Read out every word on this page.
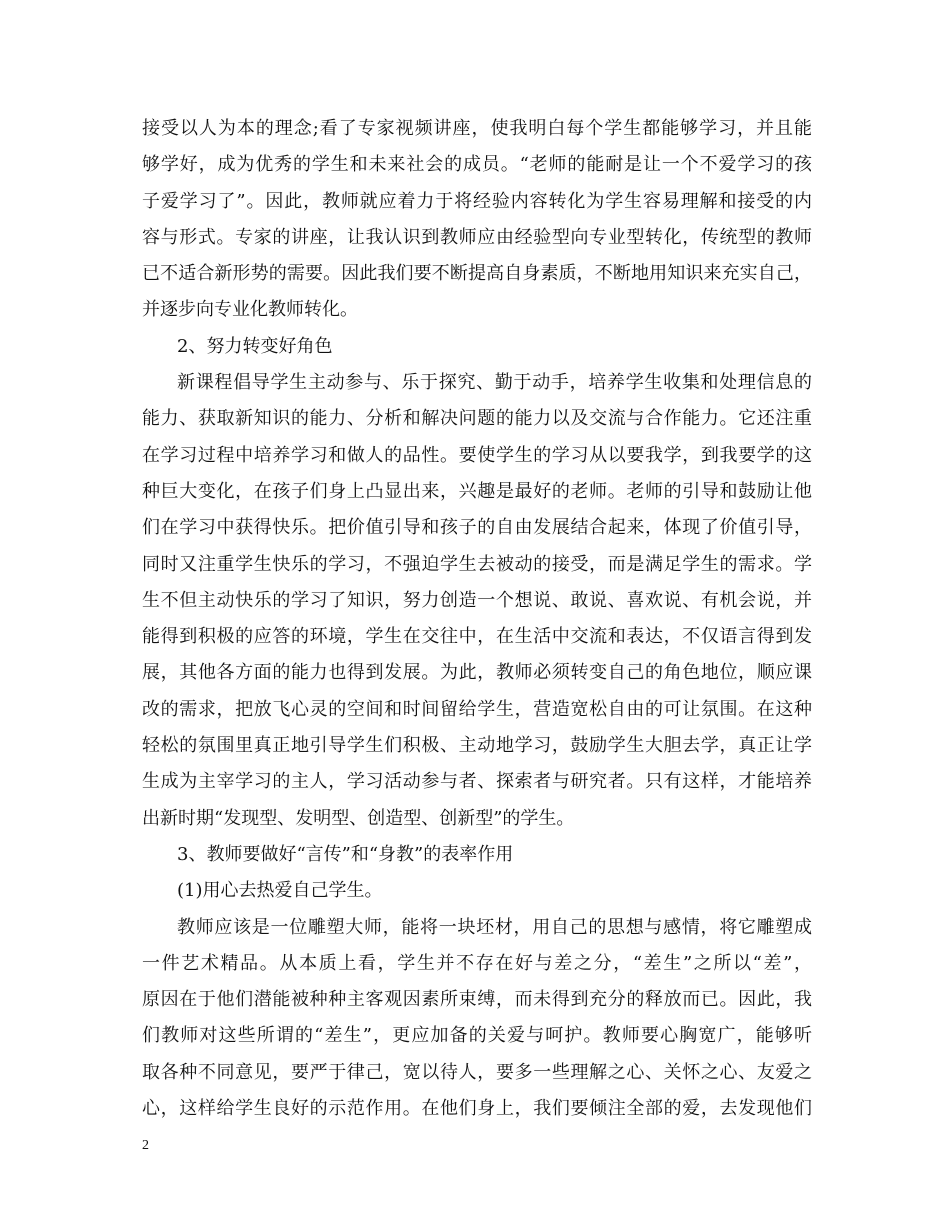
接受以人为本的理念;看了专家视频讲座，使我明白每个学生都能够学习，并且能
够学好，成为优秀的学生和未来社会的成员。“老师的能耐是让一个不爱学习的孩
子爱学习了”。因此，教师就应着力于将经验内容转化为学生容易理解和接受的内
容与形式。专家的讲座，让我认识到教师应由经验型向专业型转化，传统型的教师
已不适合新形势的需要。因此我们要不断提高自身素质，不断地用知识来充实自己，
并逐步向专业化教师转化。
2、努力转变好角色
新课程倡导学生主动参与、乐于探究、勤于动手，培养学生收集和处理信息的
能力、获取新知识的能力、分析和解决问题的能力以及交流与合作能力。它还注重
在学习过程中培养学习和做人的品性。要使学生的学习从以要我学，到我要学的这
种巨大变化，在孩子们身上凸显出来，兴趣是最好的老师。老师的引导和鼓励让他
们在学习中获得快乐。把价值引导和孩子的自由发展结合起来，体现了价值引导，
同时又注重学生快乐的学习，不强迫学生去被动的接受，而是满足学生的需求。学
生不但主动快乐的学习了知识，努力创造一个想说、敢说、喜欢说、有机会说，并
能得到积极的应答的环境，学生在交往中，在生活中交流和表达，不仅语言得到发
展，其他各方面的能力也得到发展。为此，教师必须转变自己的角色地位，顺应课
改的需求，把放飞心灵的空间和时间留给学生，营造宽松自由的可让氛围。在这种
轻松的氛围里真正地引导学生们积极、主动地学习，鼓励学生大胆去学，真正让学
生成为主宰学习的主人，学习活动参与者、探索者与研究者。只有这样，才能培养
出新时期“发现型、发明型、创造型、创新型”的学生。
3、教师要做好“言传”和“身教”的表率作用
(1)用心去热爱自己学生。
教师应该是一位雕塑大师，能将一块坯材，用自己的思想与感情，将它雕塑成
一件艺术精品。从本质上看，学生并不存在好与差之分，“差生”之所以“差”，
原因在于他们潜能被种种主客观因素所束缚，而未得到充分的释放而已。因此，我
们教师对这些所谓的“差生”，更应加备的关爱与呵护。教师要心胸宽广，能够听
取各种不同意见，要严于律己，宽以待人，要多一些理解之心、关怀之心、友爱之
心，这样给学生良好的示范作用。在他们身上，我们要倾注全部的爱，去发现他们
2
